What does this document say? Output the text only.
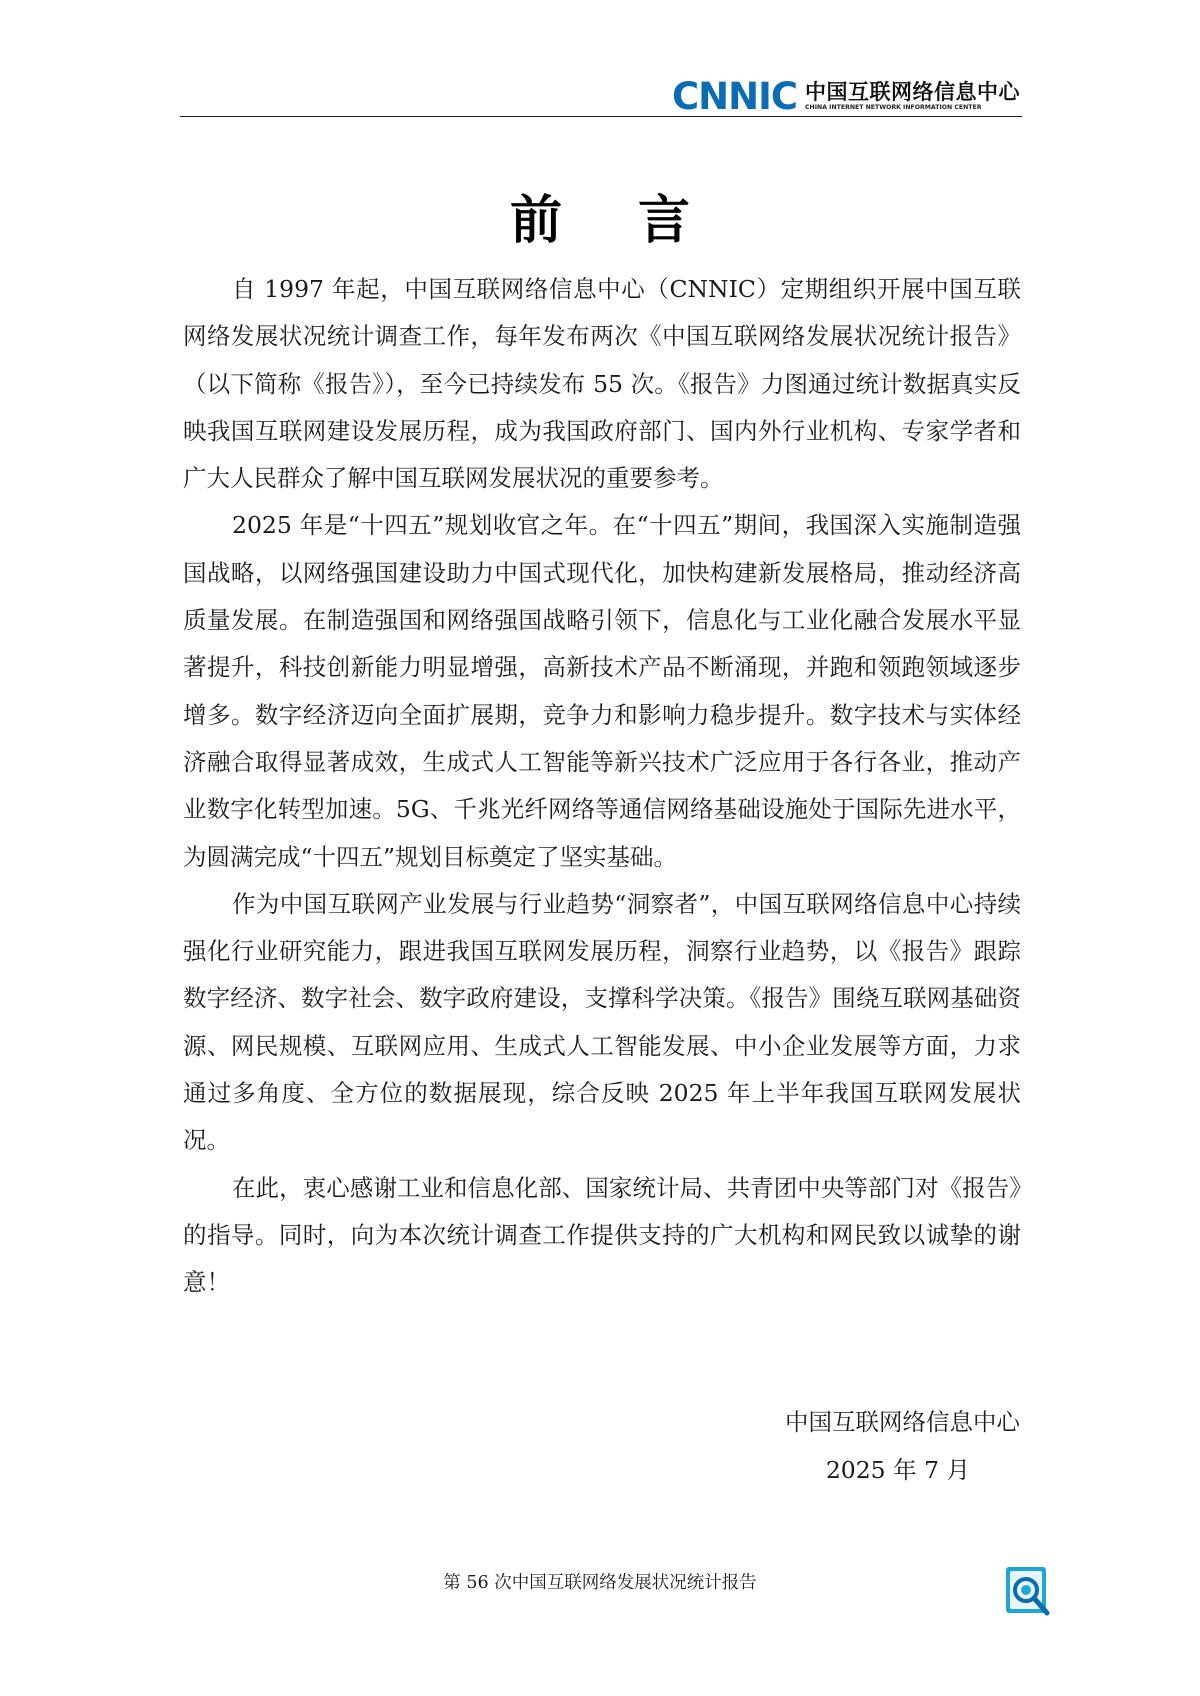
CNNIC 中国互联网络信息中心
CHINA INTERNET NETWORK INFORMATION CENTER
前 言

自 1997 年起，中国互联网络信息中心（CNNIC）定期组织开展中国互联网络发展状况统计调查工作，每年发布两次《中国互联网络发展状况统计报告》（以下简称《报告》），至今已持续发布 55 次。《报告》力图通过统计数据真实反映我国互联网建设发展历程，成为我国政府部门、国内外行业机构、专家学者和广大人民群众了解中国互联网发展状况的重要参考。

2025 年是“十四五”规划收官之年。在“十四五”期间，我国深入实施制造强国战略，以网络强国建设助力中国式现代化，加快构建新发展格局，推动经济高质量发展。在制造强国和网络强国战略引领下，信息化与工业化融合发展水平显著提升，科技创新能力明显增强，高新技术产品不断涌现，并跑和领跑领域逐步增多。数字经济迈向全面扩展期，竞争力和影响力稳步提升。数字技术与实体经济融合取得显著成效，生成式人工智能等新兴技术广泛应用于各行各业，推动产业数字化转型加速。5G、千兆光纤网络等通信网络基础设施处于国际先进水平，为圆满完成“十四五”规划目标奠定了坚实基础。

作为中国互联网产业发展与行业趋势“洞察者”，中国互联网络信息中心持续强化行业研究能力，跟进我国互联网发展历程，洞察行业趋势，以《报告》跟踪数字经济、数字社会、数字政府建设，支撑科学决策。《报告》围绕互联网基础资源、网民规模、互联网应用、生成式人工智能发展、中小企业发展等方面，力求通过多角度、全方位的数据展现，综合反映 2025 年上半年我国互联网发展状况。

在此，衷心感谢工业和信息化部、国家统计局、共青团中央等部门对《报告》的指导。同时，向为本次统计调查工作提供支持的广大机构和网民致以诚挚的谢意！

中国互联网络信息中心
2025 年 7 月
第 56 次中国互联网络发展状况统计报告
